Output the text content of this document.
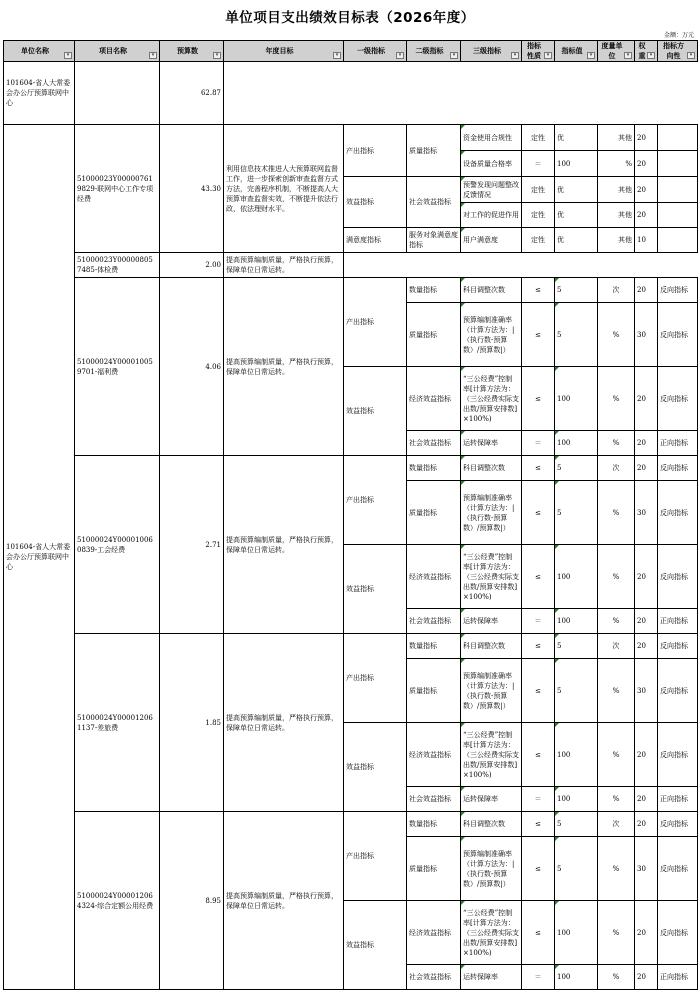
单位项目支出绩效目标表（2026年度）
金额：万元
单位名称 ▾	项目名称 ▾	预算数 ▾	年度目标 ▾	一级指标 ▾	二级指标 ▾	三级指标 ▾	指标性质 ▾	指标值 ▾	度量单位 ▾	权重 ▾	指标方向性 ▾

101604-省人大常委会办公厅预算联网中心		62.87									
101604-省人大常委会办公厅预算联网中心	51000023Y000007619829-联网中心工作专项经费	43.30	利用信息技术推进人大预算联网监督工作，进一步探索创新审查监督方式方法，完善程序机制，不断提高人大预算审查监督实效，不断提升依法行政、依法理财水平。	产出指标	质量指标	资金使用合规性	定性	优	其他	20	
						设备质量合格率	＝	100	%	20	
				效益指标	社会效益指标	预警发现问题整改反馈情况	定性	优	其他	20	
						对工作的促进作用	定性	优	其他	20	
				满意度指标	服务对象满意度指标	用户满意度	定性	优	其他	10	
	51000023Y000008057485-体检费	2.00	提高预算编制质量，严格执行预算，保障单位日常运转。								
	51000024Y000010059701-福利费	4.06	提高预算编制质量，严格执行预算，保障单位日常运转。	产出指标	数量指标	科目调整次数	≤	5	次	20	反向指标
					质量指标	预算编制准确率（计算方法为：|（执行数-预算数）/预算数|）	≤	5	%	30	反向指标
				效益指标	经济效益指标	“三公经费”控制率[计算方法为：（三公经费实际支出数/预算安排数]×100%)	≤	100	%	20	反向指标
					社会效益指标	运转保障率	＝	100	%	20	正向指标
	51000024Y000010060839-工会经费	2.71	提高预算编制质量，严格执行预算，保障单位日常运转。	产出指标	数量指标	科目调整次数	≤	5	次	20	反向指标
					质量指标	预算编制准确率（计算方法为：|（执行数-预算数）/预算数|）	≤	5	%	30	反向指标
				效益指标	经济效益指标	“三公经费”控制率[计算方法为：（三公经费实际支出数/预算安排数]×100%)	≤	100	%	20	反向指标
					社会效益指标	运转保障率	＝	100	%	20	正向指标
	51000024Y000012061137-差旅费	1.85	提高预算编制质量，严格执行预算，保障单位日常运转。	产出指标	数量指标	科目调整次数	≤	5	次	20	反向指标
					质量指标	预算编制准确率（计算方法为：|（执行数-预算数）/预算数|）	≤	5	%	30	反向指标
				效益指标	经济效益指标	“三公经费”控制率[计算方法为：（三公经费实际支出数/预算安排数]×100%)	≤	100	%	20	反向指标
					社会效益指标	运转保障率	＝	100	%	20	正向指标
	51000024Y000012064324-综合定额公用经费	8.95	提高预算编制质量，严格执行预算，保障单位日常运转。	产出指标	数量指标	科目调整次数	≤	5	次	20	反向指标
					质量指标	预算编制准确率（计算方法为：|（执行数-预算数）/预算数|）	≤	5	%	30	反向指标
				效益指标	经济效益指标	“三公经费”控制率[计算方法为：（三公经费实际支出数/预算安排数]×100%)	≤	100	%	20	反向指标
					社会效益指标	运转保障率	＝	100	%	20	正向指标
